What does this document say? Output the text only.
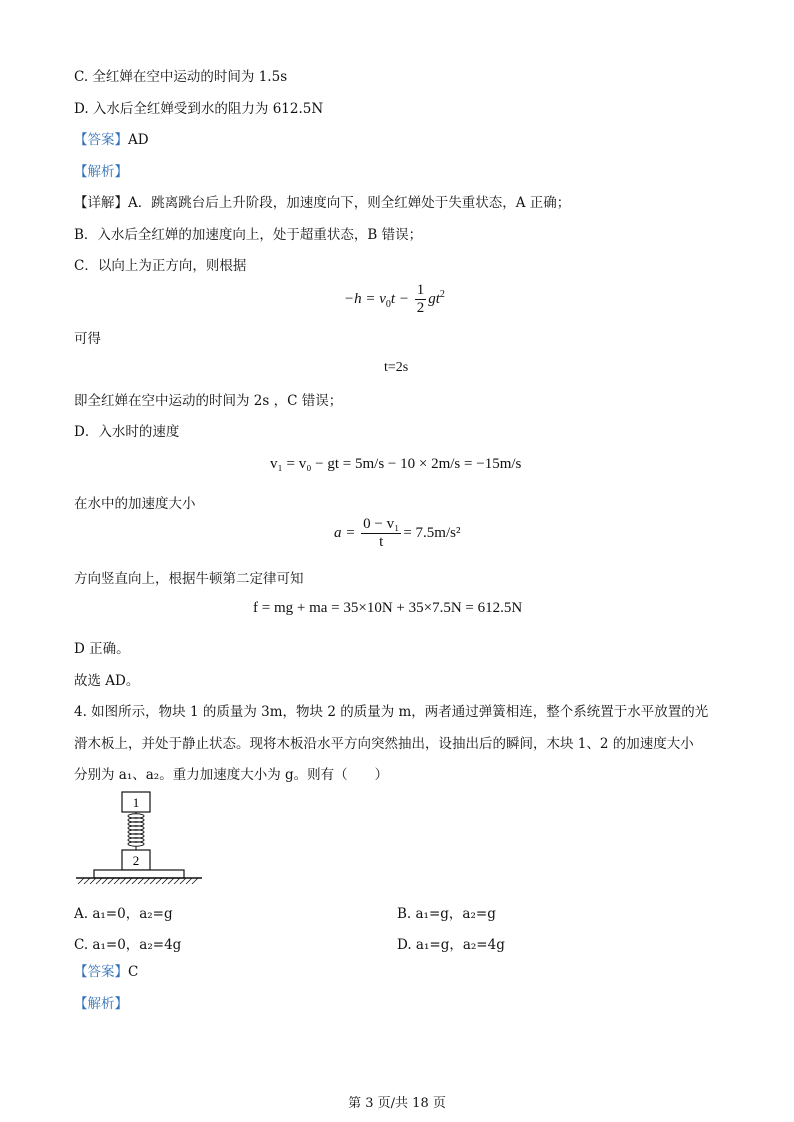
C. 全红婵在空中运动的时间为 1.5s
D. 入水后全红婵受到水的阻力为 612.5N
【答案】AD
【解析】
【详解】A．跳离跳台后上升阶段，加速度向下，则全红婵处于失重状态，A 正确；
B．入水后全红婵的加速度向上，处于超重状态，B 错误；
C．以向上为正方向，则根据
$-h = v_0t - \frac{1}{2} gt^2$
可得
t=2s
即全红婵在空中运动的时间为 2s ，C 错误；
D．入水时的速度
v₁ = v₀ − gt = 5m/s − 10 × 2m/s = −15m/s
在水中的加速度大小
$a = \frac{\text{0 − v₁}}{t} = 7.5m/s^2$
方向竖直向上，根据牛顿第二定律可知
f = mg + ma = 35×10N + 35×7.5N = 612.5N
D 正确。
故选 AD。
4. 如图所示，物块 1 的质量为 3m，物块 2 的质量为 m，两者通过弹簧相连，整个系统置于水平放置的光
滑木板上，并处于静止状态。现将木板沿水平方向突然抽出，设抽出后的瞬间，木块 1、2 的加速度大小
分别为 a₁、a₂。重力加速度大小为 g。则有（　　）
1
2
A. a₁=0，a₂=g	B. a₁=g，a₂=g
C. a₁=0，a₂=4g	D. a₁=g，a₂=4g
【答案】C
【解析】
第 3 页/共 18 页
